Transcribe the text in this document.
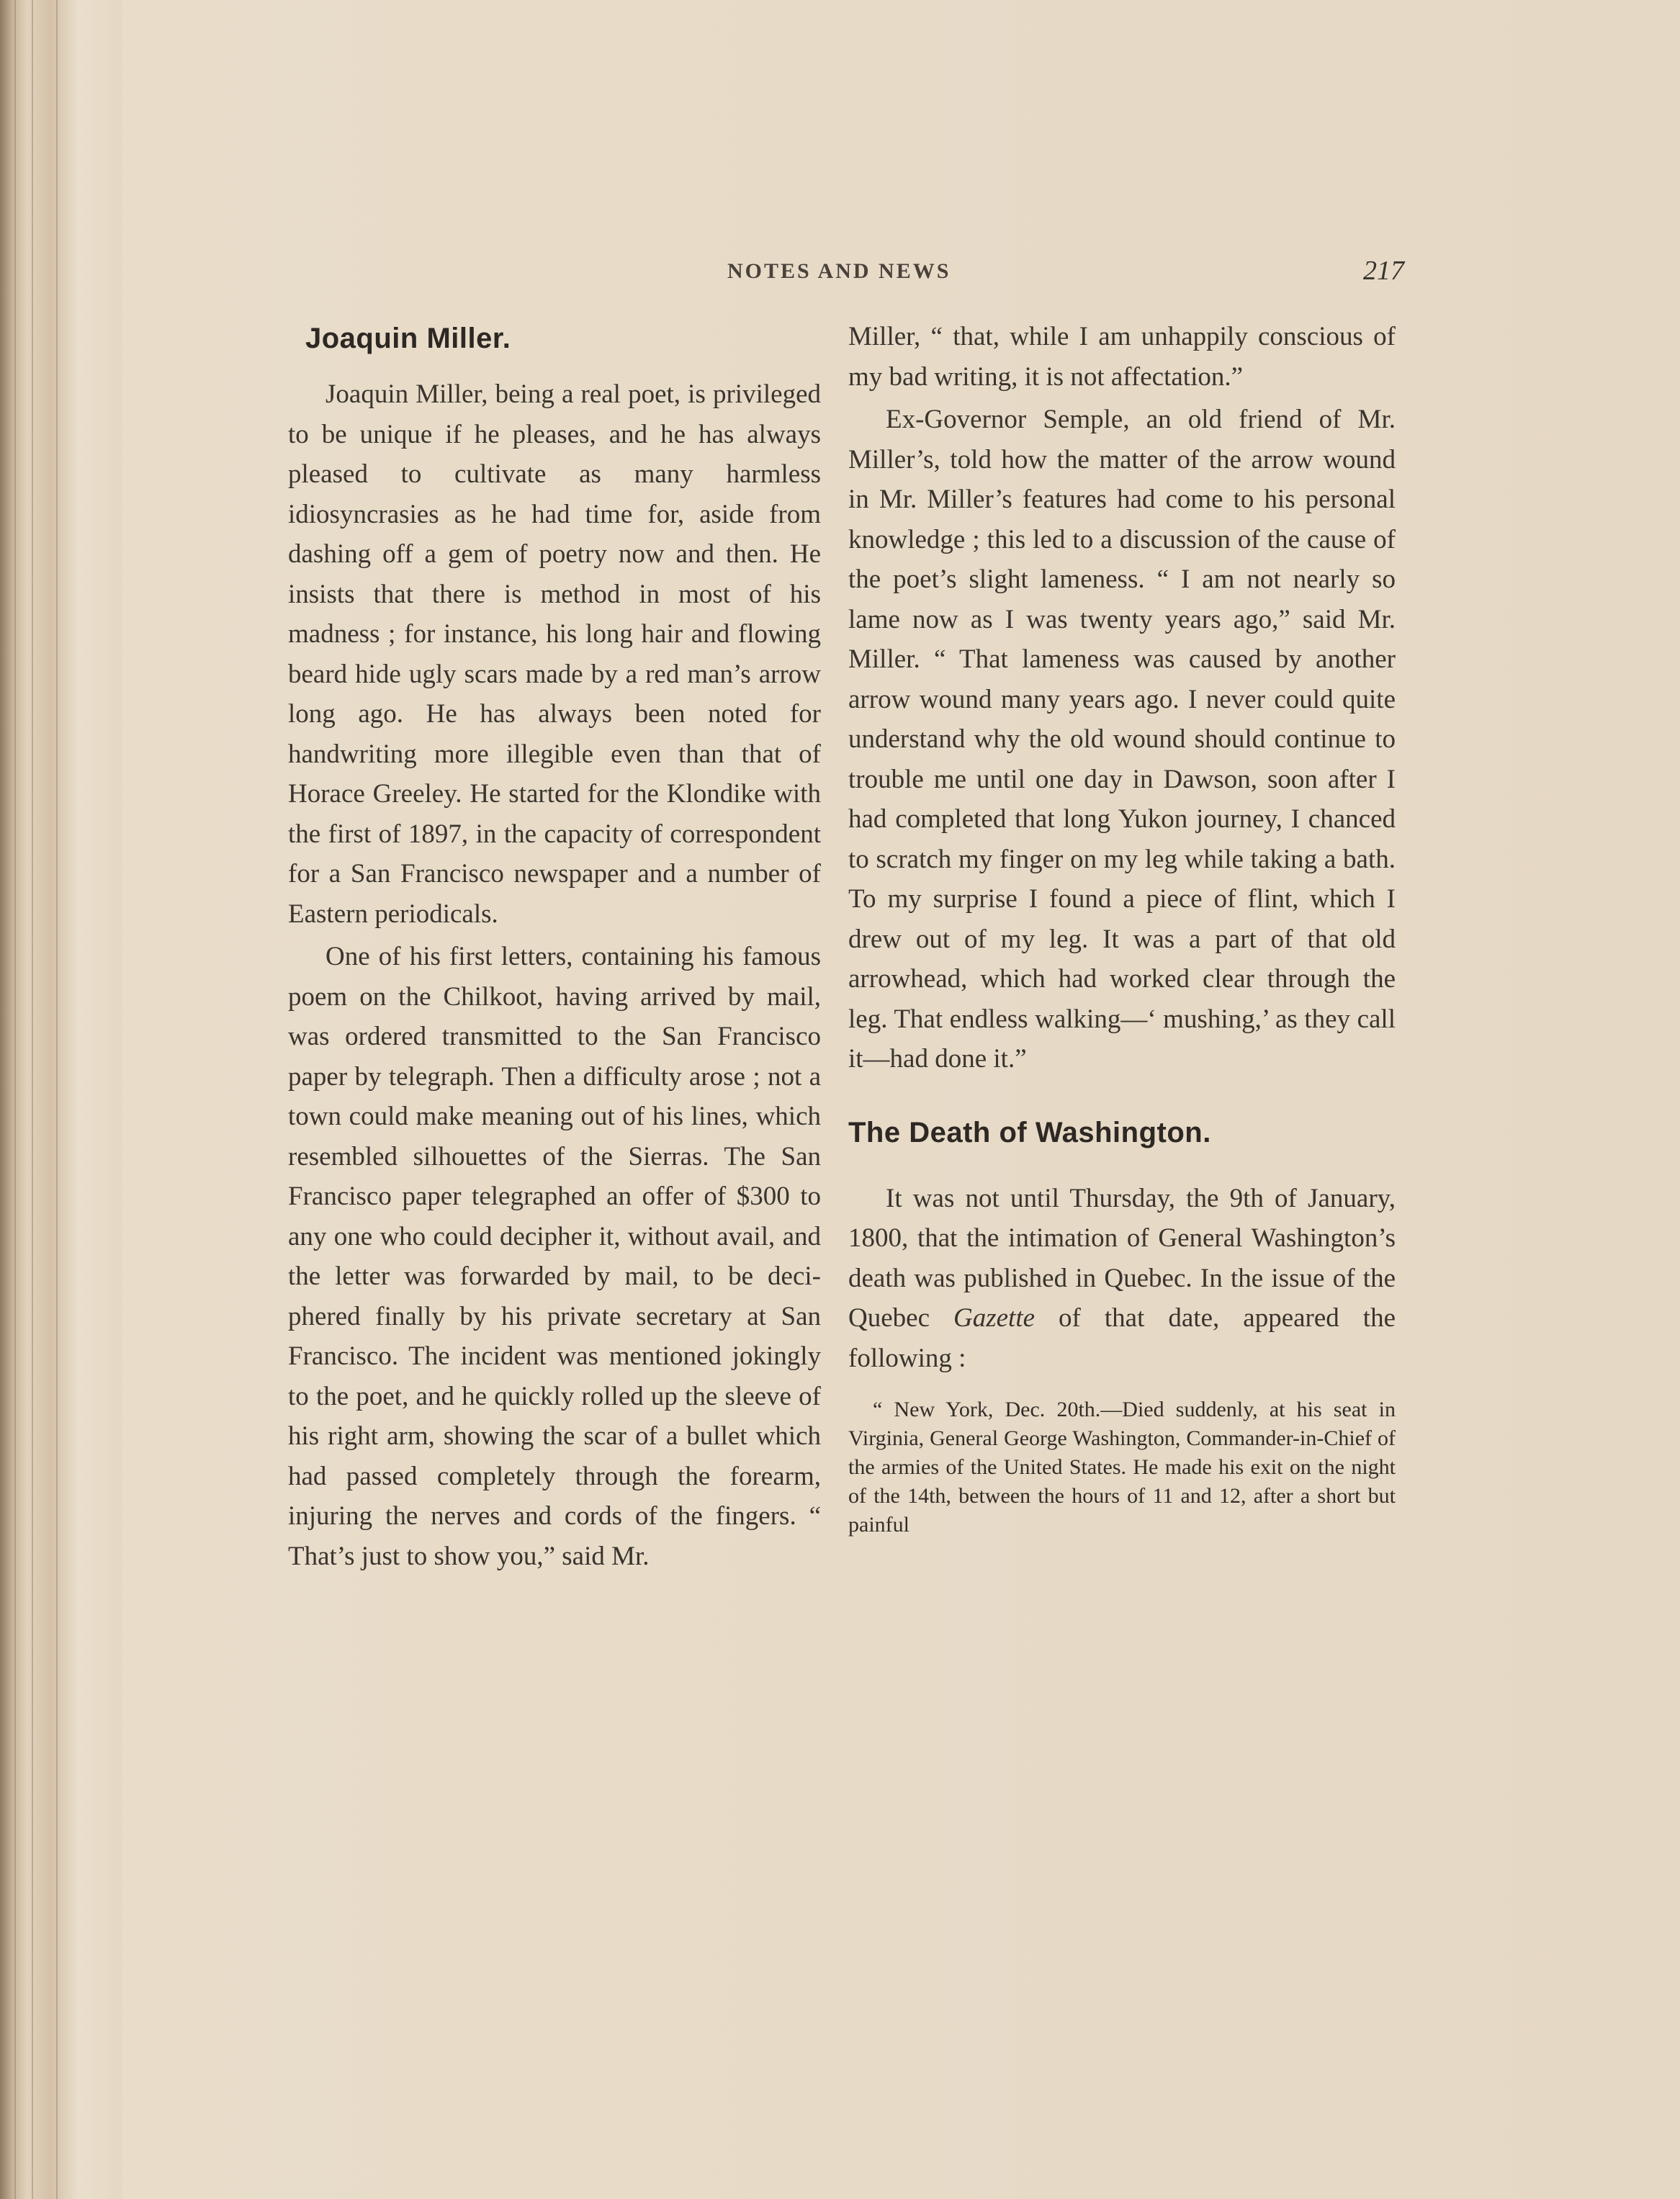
NOTES AND NEWS	217
Joaquin Miller.

Joaquin Miller, being a real poet, is privileged to be unique if he pleases, and he has always pleased to cultivate as many harmless idiosyncrasies as he had time for, aside from dashing off a gem of poetry now and then. He insists that there is method in most of his madness ; for instance, his long hair and flowing beard hide ugly scars made by a red man’s arrow long ago. He has always been noted for handwriting more illegible even than that of Horace Greeley. He started for the Klondike with the first of 1897, in the capacity of correspondent for a San Francisco newspaper and a number of Eastern periodicals.

One of his first letters, containing his famous poem on the Chilkoot, having arrived by mail, was ordered transmitted to the San Francisco paper by telegraph. Then a difficulty arose ; not a town could make meaning out of his lines, which resembled silhouettes of the Sierras. The San Francisco paper telegraphed an offer of $300 to any one who could decipher it, without avail, and the letter was forwarded by mail, to be deciphered finally by his private secretary at San Francisco. The incident was mentioned jokingly to the poet, and he quickly rolled up the sleeve of his right arm, showing the scar of a bullet which had passed completely through the forearm, injuring the nerves and cords of the fingers. “ That’s just to show you,” said Mr.

Miller, “ that, while I am unhappily conscious of my bad writing, it is not affectation.”

Ex-Governor Semple, an old friend of Mr. Miller’s, told how the matter of the arrow wound in Mr. Miller’s features had come to his personal knowledge ; this led to a discussion of the cause of the poet’s slight lameness. “ I am not nearly so lame now as I was twenty years ago,” said Mr. Miller. “ That lameness was caused by another arrow wound many years ago. I never could quite understand why the old wound should continue to trouble me until one day in Dawson, soon after I had completed that long Yukon journey, I chanced to scratch my finger on my leg while taking a bath. To my surprise I found a piece of flint, which I drew out of my leg. It was a part of that old arrowhead, which had worked clear through the leg. That endless walking—‘ mushing,’ as they call it—had done it.”

The Death of Washington.

It was not until Thursday, the 9th of January, 1800, that the intimation of General Washington’s death was published in Quebec. In the issue of the Quebec Gazette of that date, appeared the following :

“ New York, Dec. 20th.—Died suddenly, at his seat in Virginia, General George Washington, Commander-in-Chief of the armies of the United States. He made his exit on the night of the 14th, between the hours of 11 and 12, after a short but painful
